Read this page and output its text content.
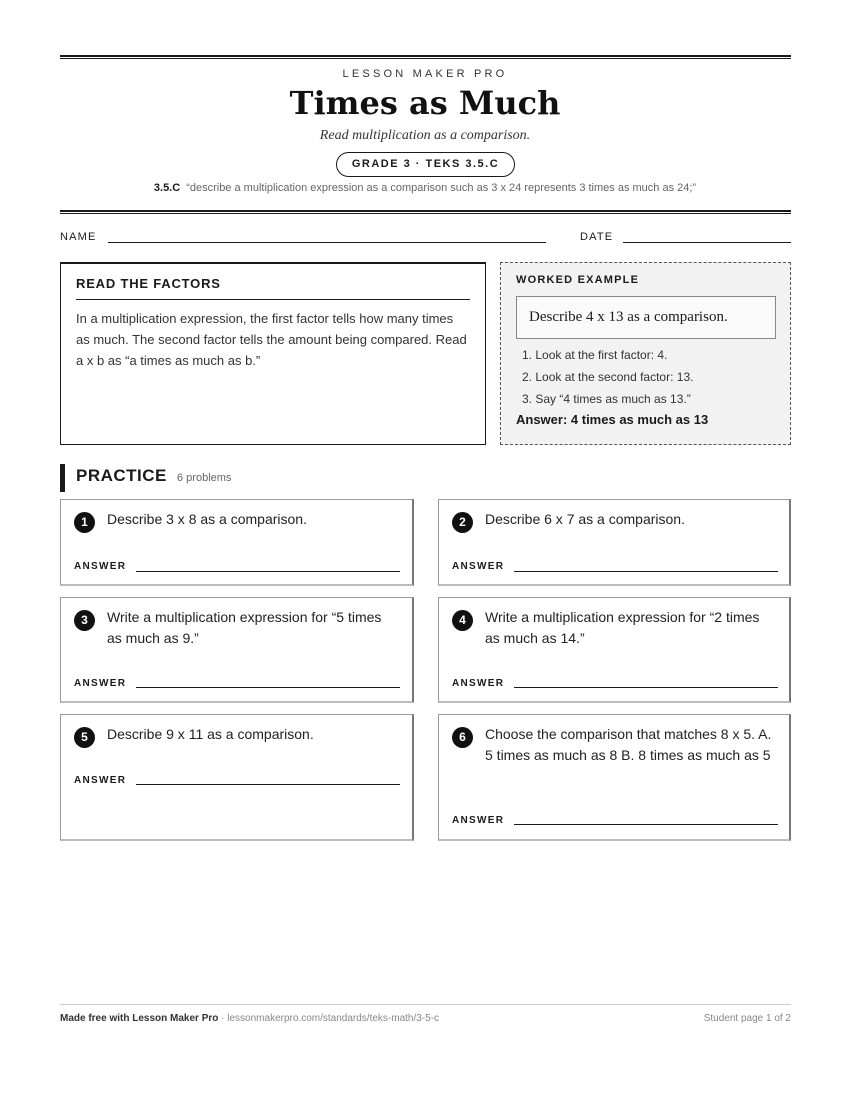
LESSON MAKER PRO
Times as Much
Read multiplication as a comparison.
GRADE 3 · TEKS 3.5.C
3.5.C “describe a multiplication expression as a comparison such as 3 x 24 represents 3 times as much as 24;”
NAME	DATE
READ THE FACTORS
In a multiplication expression, the first factor tells how many times as much. The second factor tells the amount being compared. Read a x b as “a times as much as b.”
WORKED EXAMPLE
Describe 4 x 13 as a comparison.
1. Look at the first factor: 4.
2. Look at the second factor: 13.
3. Say “4 times as much as 13.”
Answer: 4 times as much as 13
PRACTICE 6 problems
1	Describe 3 x 8 as a comparison.
ANSWER
2	Describe 6 x 7 as a comparison.
ANSWER
3	Write a multiplication expression for “5 times as much as 9.”
ANSWER
4	Write a multiplication expression for “2 times as much as 14.”
ANSWER
5	Describe 9 x 11 as a comparison.
ANSWER
6	Choose the comparison that matches 8 x 5. A. 5 times as much as 8 B. 8 times as much as 5
ANSWER
Made free with Lesson Maker Pro · lessonmakerpro.com/standards/teks-math/3-5-c	Student page 1 of 2
